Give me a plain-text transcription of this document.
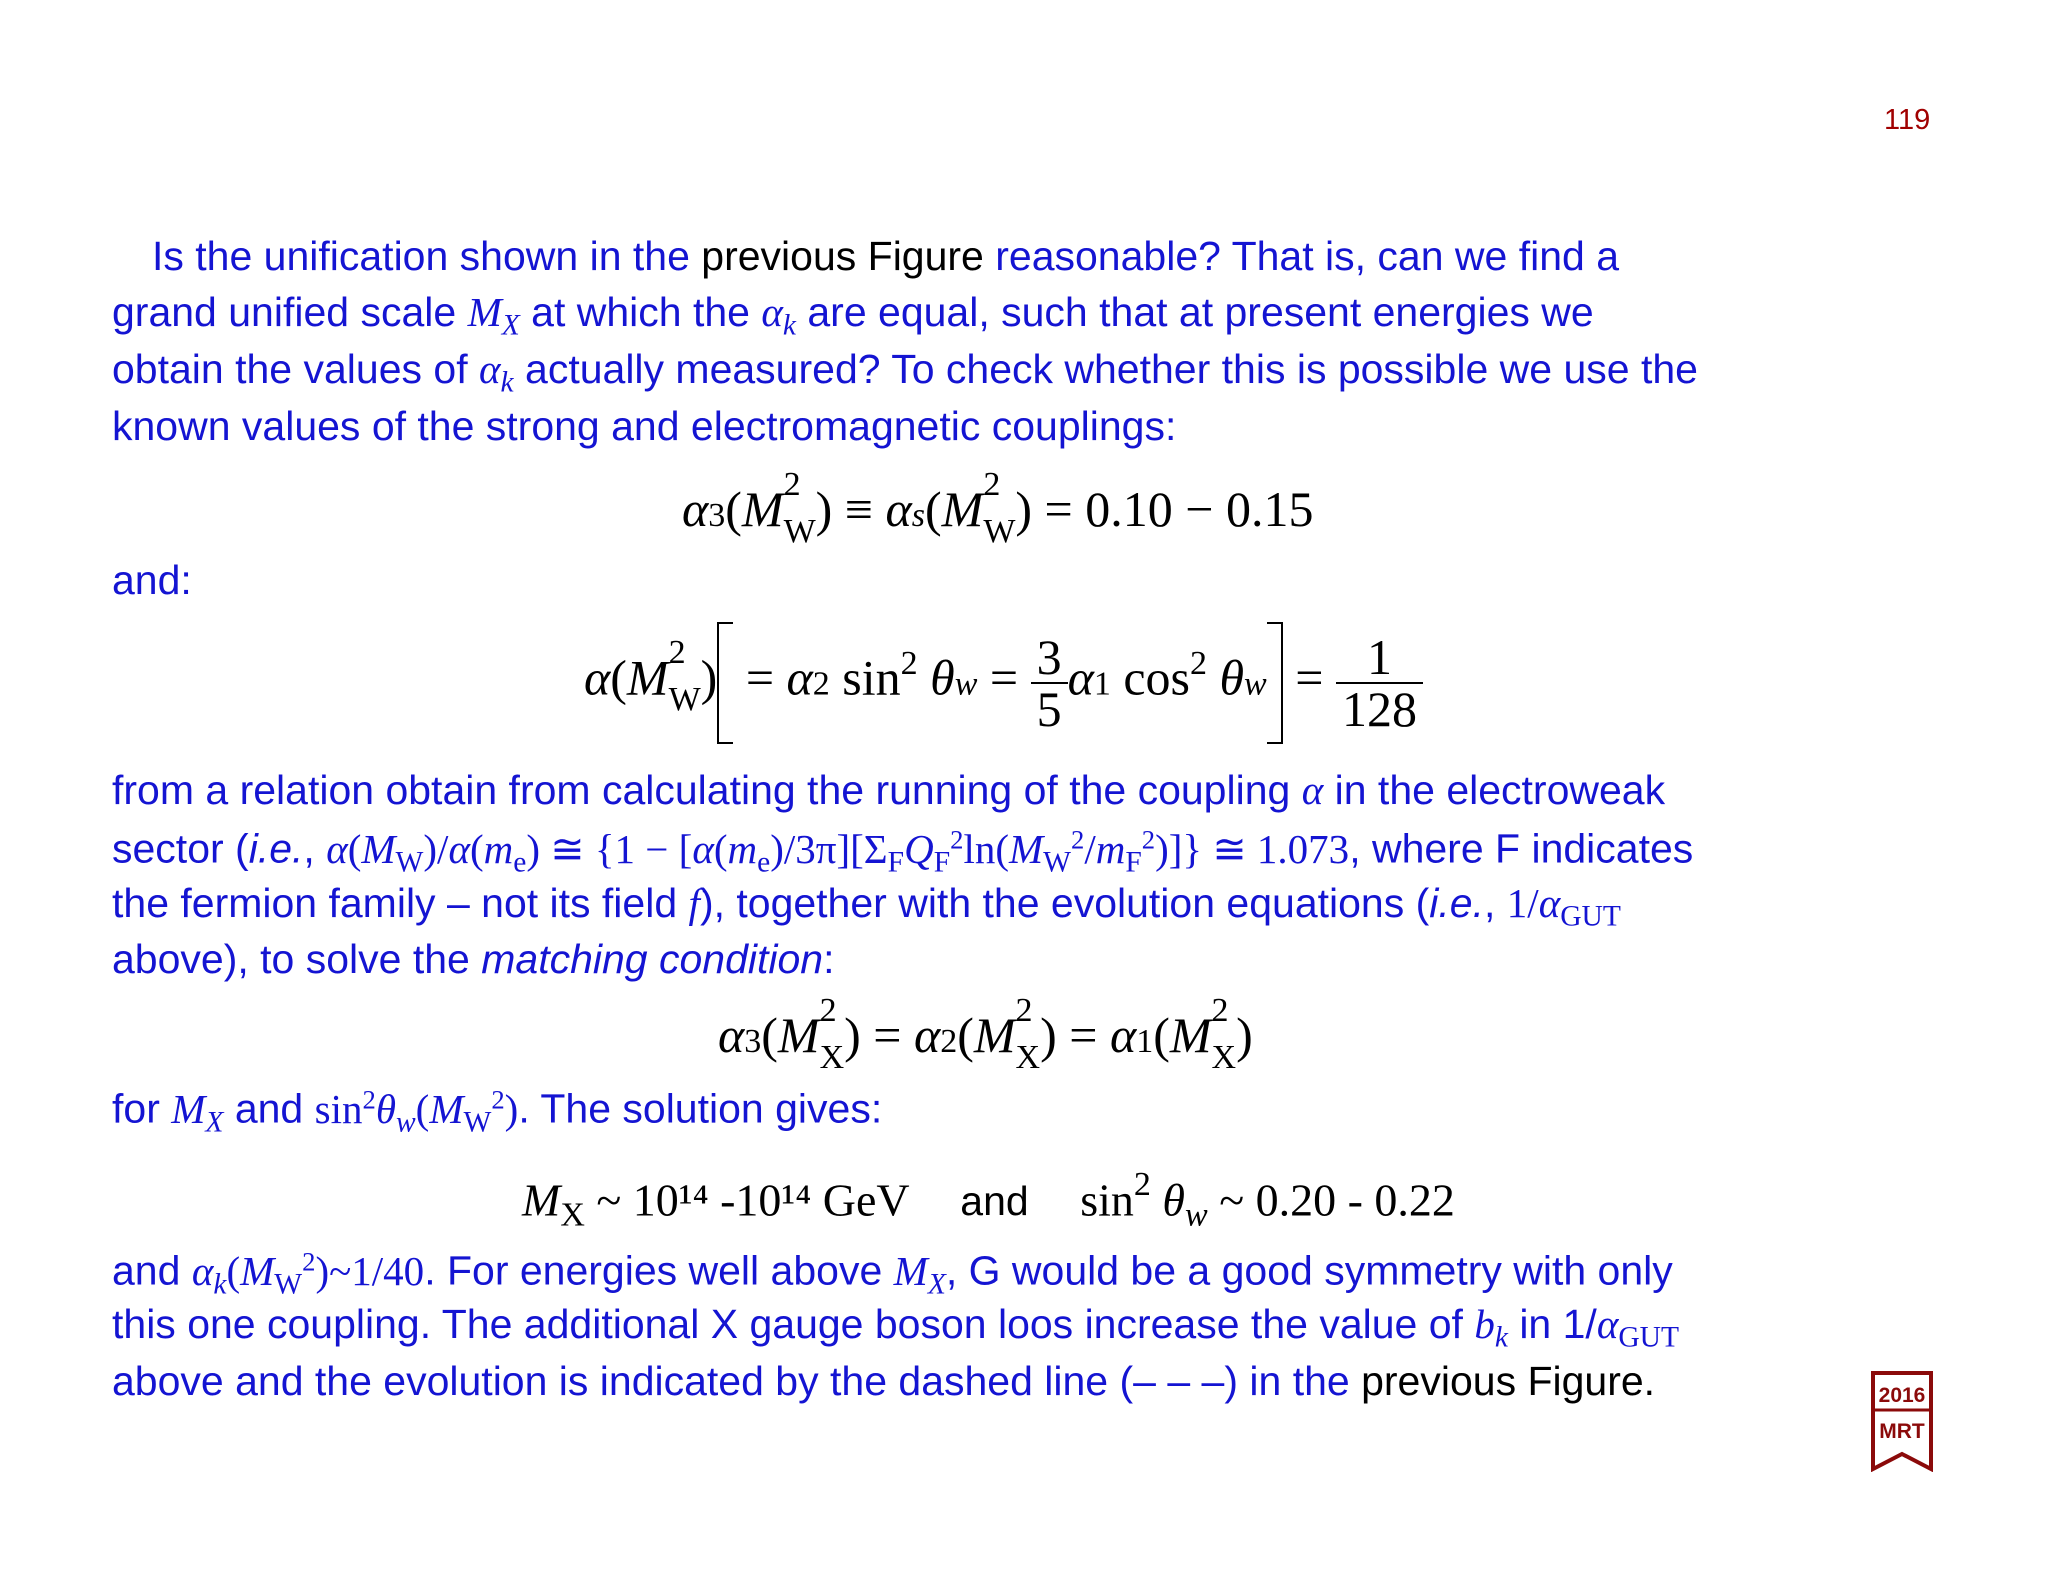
119
Is the unification shown in the previous Figure reasonable? That is, can we find a
grand unified scale $M_X$ at which the $\alpha_k$ are equal, such that at present energies we
obtain the values of $\alpha_k$ actually measured? To check whether this is possible we use the
known values of the strong and electromagnetic couplings:
α3(M 2
$_W$) ≡ αs(M 2
$_W$) = 0.10 − 0.15
and:
α(M 2
$_W$) = α2 $\sin^2 \theta w = \frac{3}{5} \alpha 1$ $\cos^2 \theta w = \frac{1}{128}$
from a relation obtain from calculating the running of the coupling α in the electroweak
sector (i.e., $\alpha(M_W)/\alpha(m_e)$ ≅ $\{1 - [\alpha(m_e)/3\pi][\Sigma_FQ_F^2\ln(M_W^2/m_F^2)]\}$ ≅ 1.073, where F indicates
the fermion family – not its field f), together with the evolution equations (i.e., $1/\alpha_{GUT}$
above), to solve the matching condition:
α3(M 2
$_X$) = α2(M 2
$_X$) = α1(M 2
$_X$)
for $M_X$ and $\sin^2\theta_w(M_W^2)$. The solution gives:
$M_X$ ~ 10¹⁴ -10¹⁴ GeV and $\sin^2 \theta_w$ ~ 0.20 - 0.22
and $\alpha_k(M_W^2)\sim 1/40$. For energies well above $M_X$, G would be a good symmetry with only
this one coupling. The additional X gauge boson loos increase the value of $b_k$ in $1/\alpha_{GUT}$
above and the evolution is indicated by the dashed line (– – –) in the previous Figure.	2016
MRT
